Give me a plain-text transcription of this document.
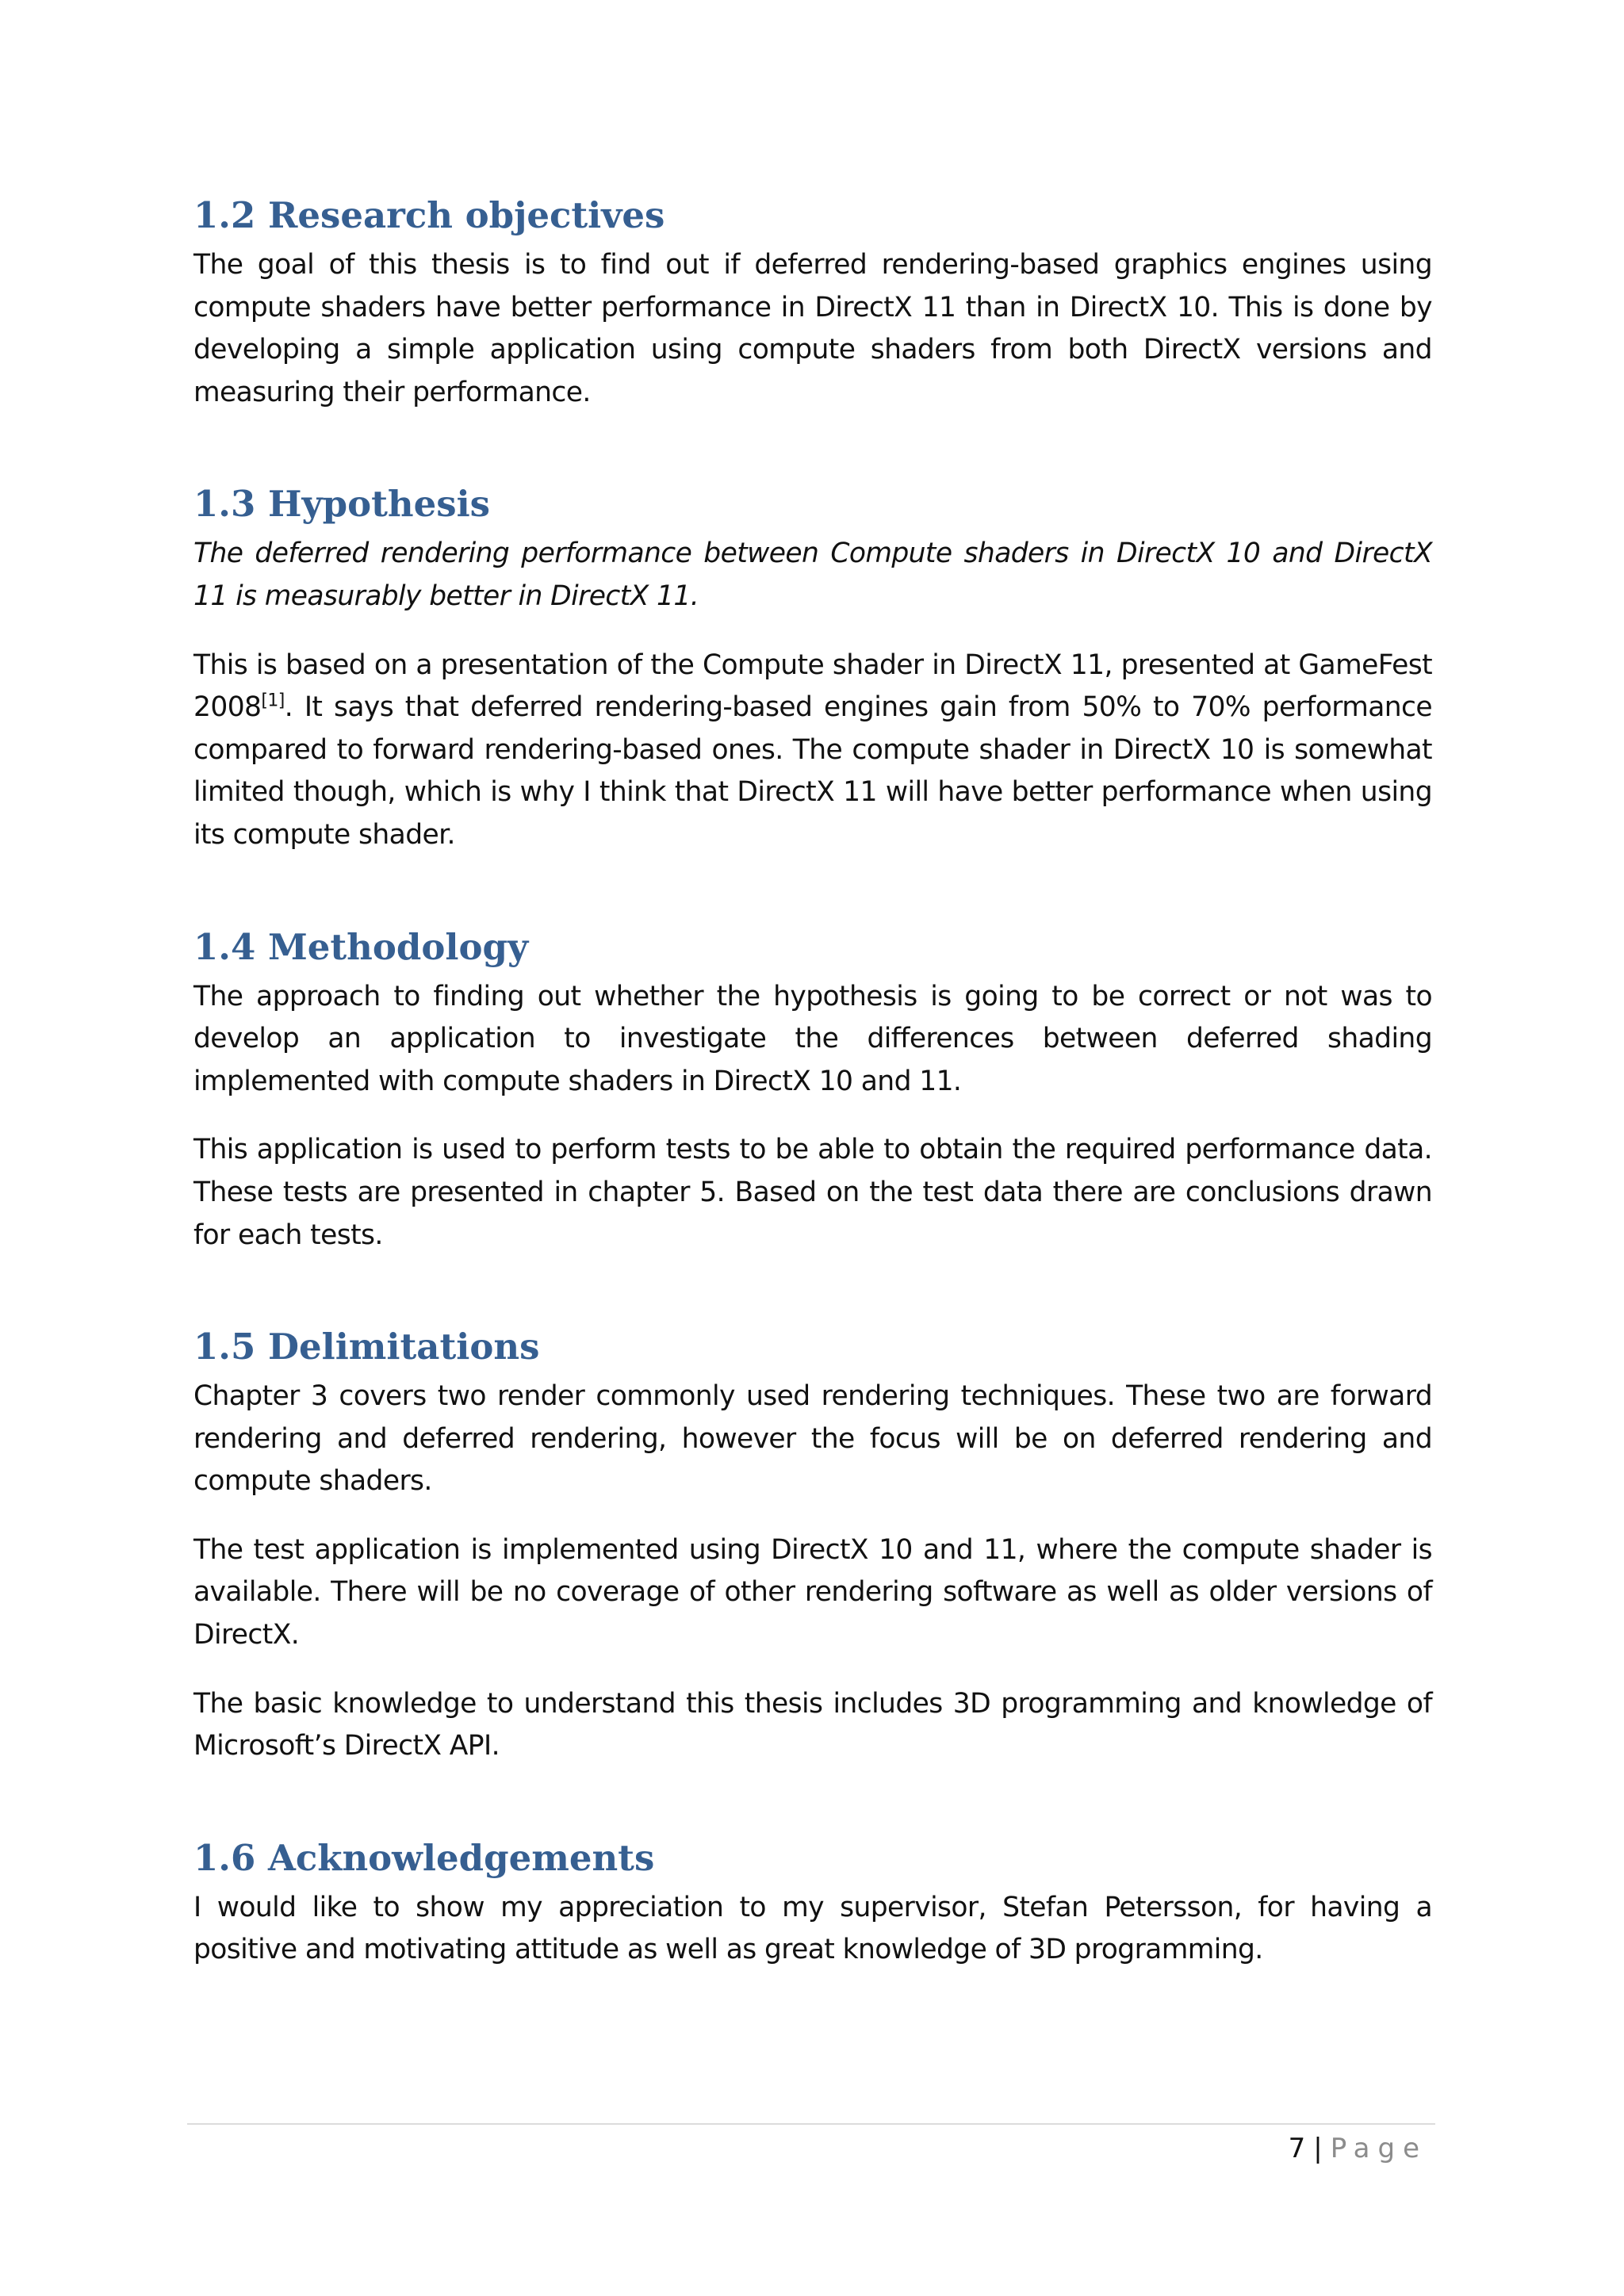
1.2 Research objectives

The goal of this thesis is to find out if deferred rendering-based graphics engines using compute shaders have better performance in DirectX 11 than in DirectX 10. This is done by developing a simple application using compute shaders from both DirectX versions and measuring their performance.

1.3 Hypothesis

The deferred rendering performance between Compute shaders in DirectX 10 and DirectX 11 is measurably better in DirectX 11.

This is based on a presentation of the Compute shader in DirectX 11, presented at GameFest 2008[1]. It says that deferred rendering-based engines gain from 50% to 70% performance compared to forward rendering-based ones. The compute shader in DirectX 10 is somewhat limited though, which is why I think that DirectX 11 will have better performance when using its compute shader.

1.4 Methodology

The approach to finding out whether the hypothesis is going to be correct or not was to develop an application to investigate the differences between deferred shading implemented with compute shaders in DirectX 10 and 11.

This application is used to perform tests to be able to obtain the required performance data. These tests are presented in chapter 5. Based on the test data there are conclusions drawn for each tests.

1.5 Delimitations

Chapter 3 covers two render commonly used rendering techniques. These two are forward rendering and deferred rendering, however the focus will be on deferred rendering and compute shaders.

The test application is implemented using DirectX 10 and 11, where the compute shader is available. There will be no coverage of other rendering software as well as older versions of DirectX.

The basic knowledge to understand this thesis includes 3D programming and knowledge of Microsoft’s DirectX API.

1.6 Acknowledgements

I would like to show my appreciation to my supervisor, Stefan Petersson, for having a positive and motivating attitude as well as great knowledge of 3D programming.

7 | Page
